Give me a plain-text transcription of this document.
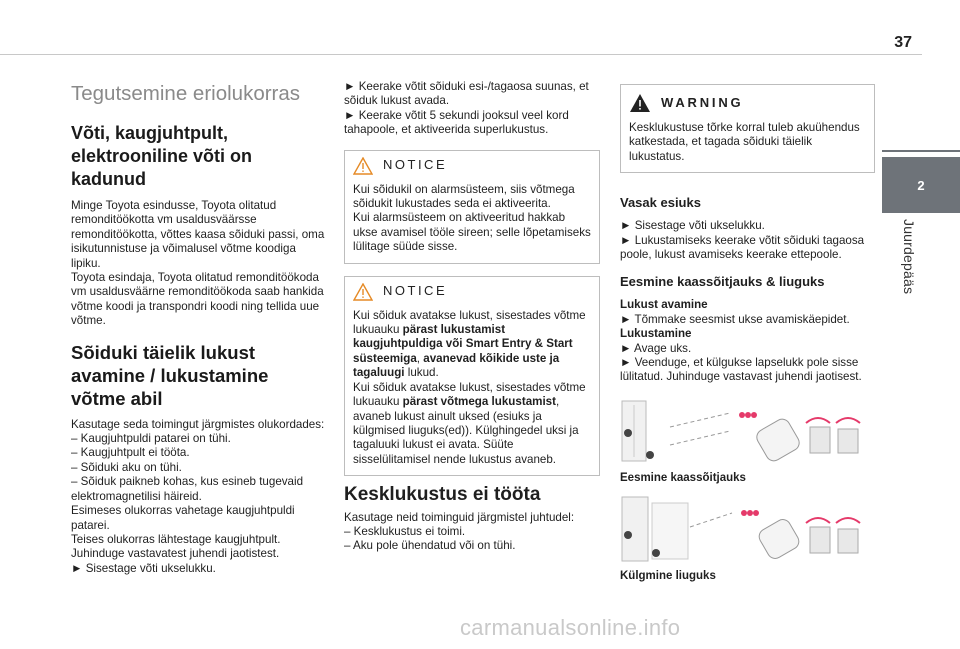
37
2
Juurdepääs
Tegutsemine eriolukorras
Võti, kaugjuhtpult, elektrooniline võti on kadunud

Minge Toyota esindusse, Toyota olitatud remonditöökotta vm usaldusväärsse remonditöökotta, võttes kaasa sõiduki passi, oma isikutunnistuse ja võimalusel võtme koodiga lipiku.

Toyota esindaja, Toyota olitatud remonditöökoda vm usaldusväärne remonditöökoda saab hankida võtme koodi ja transpondri koodi ning tellida uue võtme.

Sõiduki täielik lukust avamine / lukustamine võtme abil

Kasutage seda toimingut järgmistes olukordades:

– Kaugjuhtpuldi patarei on tühi.

– Kaugjuhtpult ei tööta.

– Sõiduki aku on tühi.

– Sõiduk paikneb kohas, kus esineb tugevaid elektromagnetilisi häireid.

Esimeses olukorras vahetage kaugjuhtpuldi patarei.

Teises olukorras lähtestage kaugjuhtpult.

Juhinduge vastavatest juhendi jaotistest.

► Sisestage võti ukselukku.

► Keerake võtit sõiduki esi-/tagaosa suunas, et sõiduk lukust avada.

► Keerake võtit 5 sekundi jooksul veel kord tahapoole, et aktiveerida superlukustus.

NOTICE

Kui sõidukil on alarmsüsteem, siis võtmega sõidukit lukustades seda ei aktiveerita.

Kui alarmsüsteem on aktiveeritud hakkab ukse avamisel tööle sireen; selle lõpetamiseks lülitage süüde sisse.

NOTICE

Kui sõiduk avatakse lukust, sisestades võtme lukuauku pärast lukustamist kaugjuhtpuldiga või Smart Entry & Start süsteemiga, avanevad kõikide uste ja tagaluugi lukud.

Kui sõiduk avatakse lukust, sisestades võtme lukuauku pärast võtmega lukustamist, avaneb lukust ainult uksed (esiuks ja külgmised liuguks(ed)). Külghingedel uksi ja tagaluuki lukust ei avata. Süüte sisselülitamisel nende lukustus avaneb.

Kesklukustus ei tööta

Kasutage neid toiminguid järgmistel juhtudel:

– Kesklukustus ei toimi.

– Aku pole ühendatud või on tühi.

WARNING

Kesklukustuse tõrke korral tuleb akuühendus katkestada, et tagada sõiduki täielik lukustatus.

Vasak esiuks

► Sisestage võti ukselukku.

► Lukustamiseks keerake võtit sõiduki tagaosa poole, lukust avamiseks keerake ettepoole.

Eesmine kaassõitjauks & liuguks

Lukust avamine

► Tõmmake seesmist ukse avamiskäepidet.

Lukustamine

► Avage uks.

► Veenduge, et külgukse lapselukk pole sisse lülitatud. Juhinduge vastavast juhendi jaotisest.

Eesmine kaassõitjauks
Külgmine liuguks
carmanualsonline.info
